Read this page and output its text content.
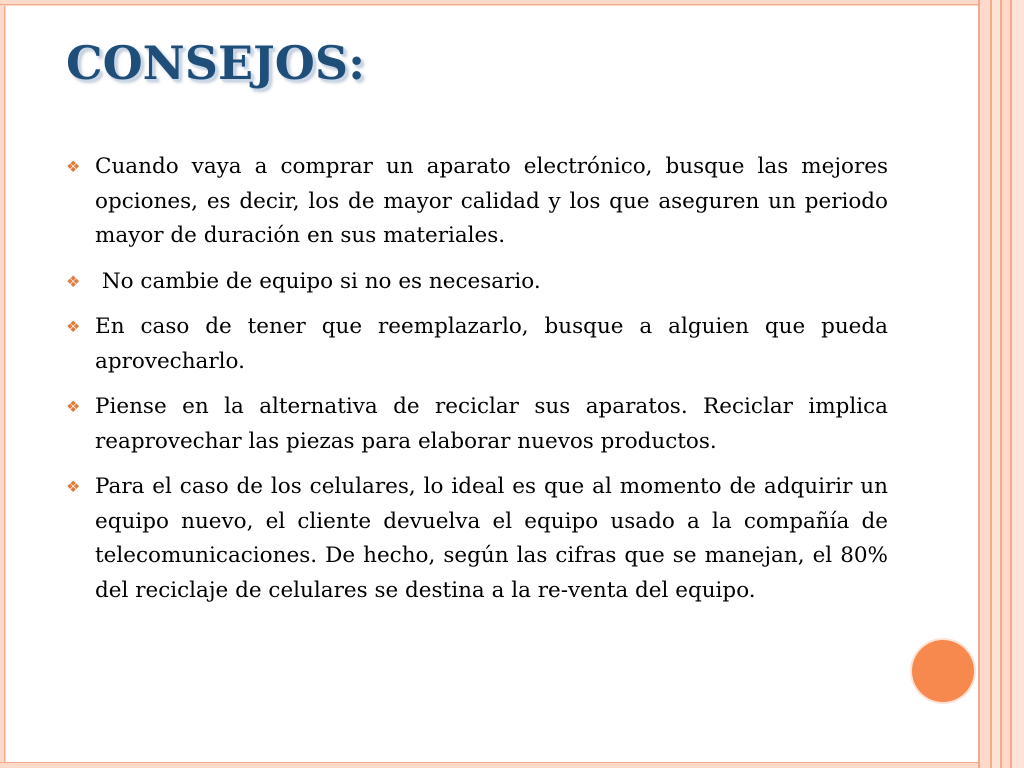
CONSEJOS:
❖ Cuando vaya a comprar un aparato electrónico, busque las mejores opciones, es decir, los de mayor calidad y los que aseguren un periodo mayor de duración en sus materiales.
❖ No cambie de equipo si no es necesario.
❖ En caso de tener que reemplazarlo, busque a alguien que pueda aprovecharlo.
❖ Piense en la alternativa de reciclar sus aparatos. Reciclar implica reaprovechar las piezas para elaborar nuevos productos.
❖ Para el caso de los celulares, lo ideal es que al momento de adquirir un equipo nuevo, el cliente devuelva el equipo usado a la compañía de telecomunicaciones. De hecho, según las cifras que se manejan, el 80% del reciclaje de celulares se destina a la re-venta del equipo.
